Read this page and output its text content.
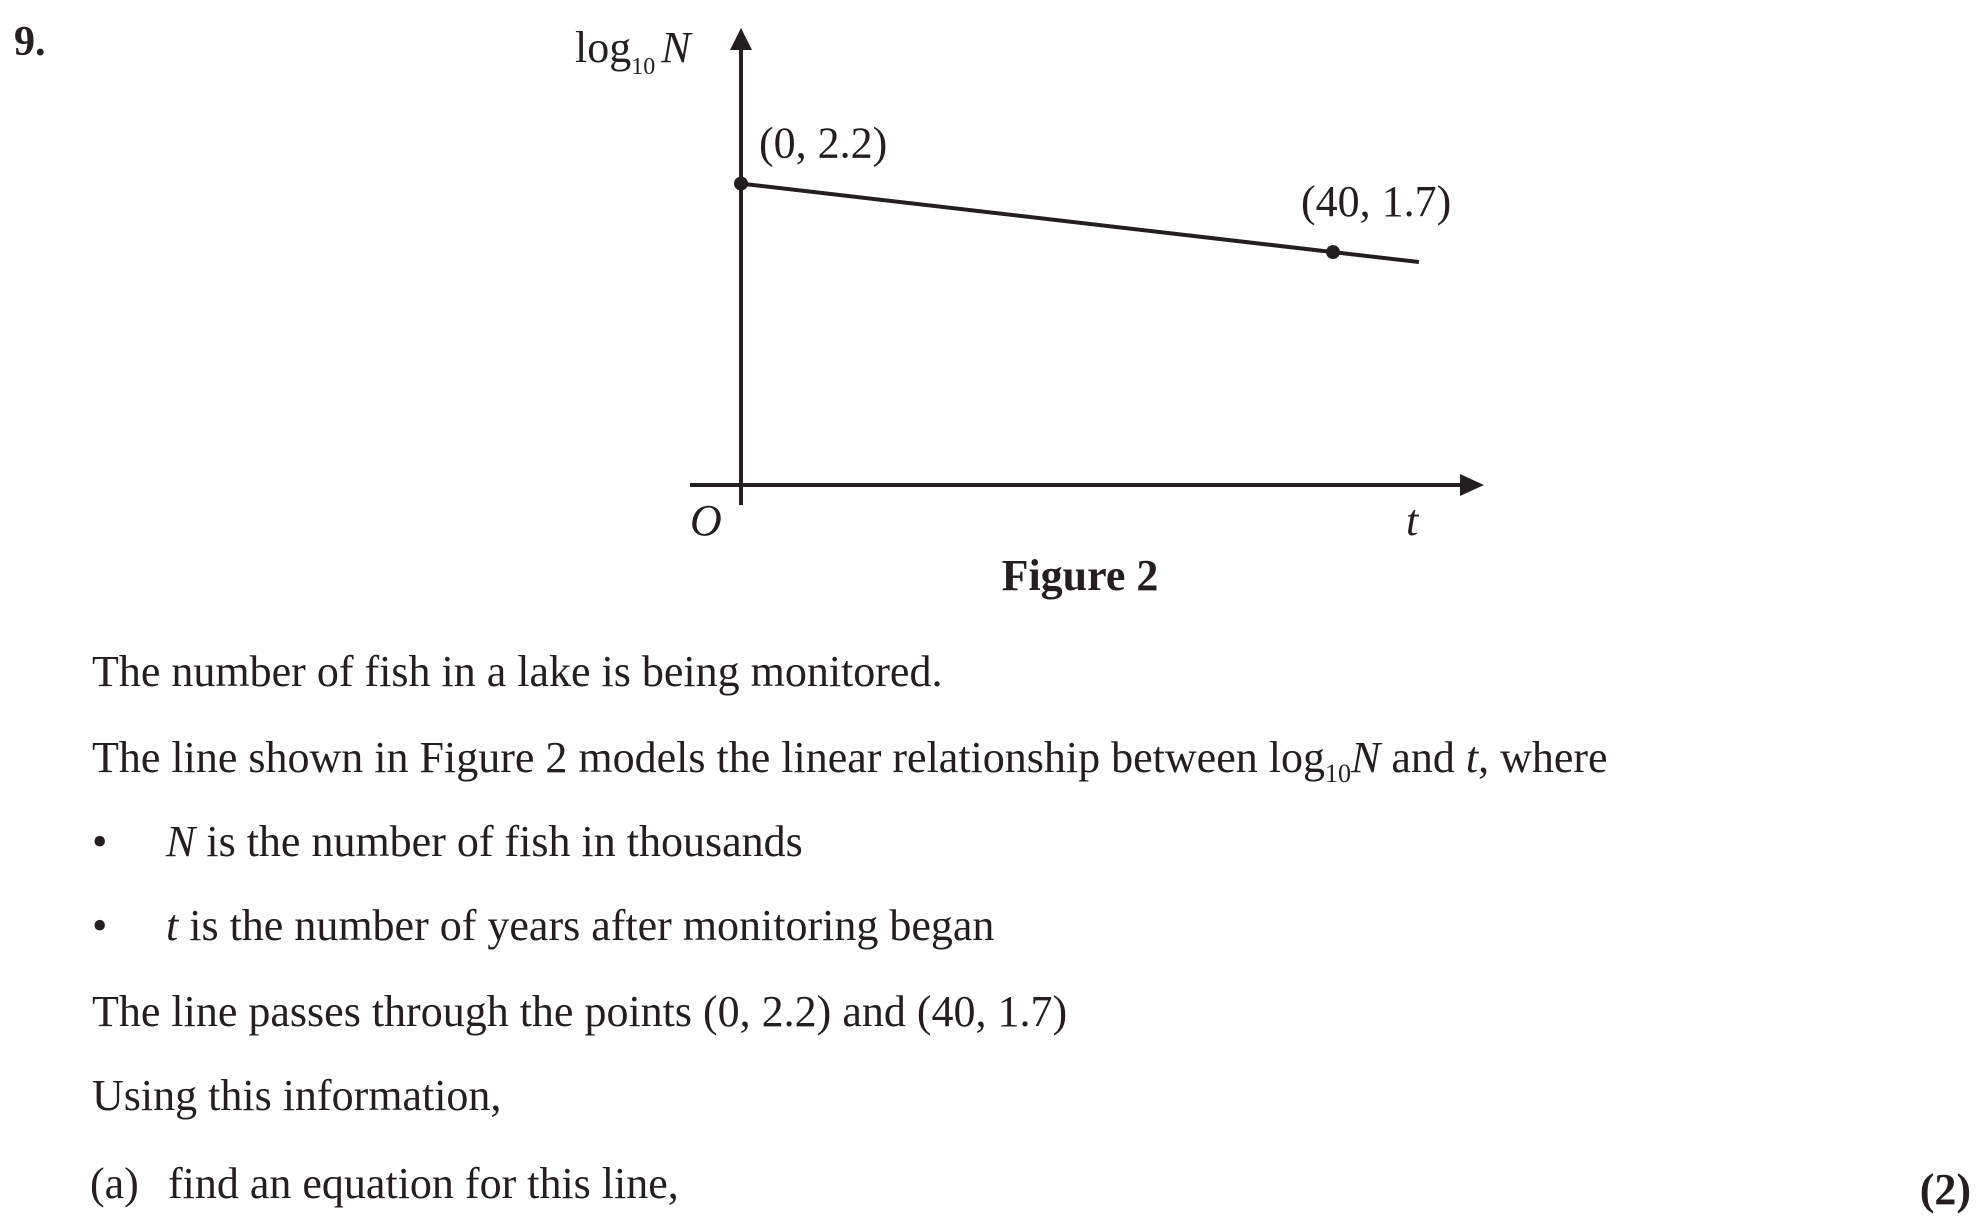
9.	$\log_{10} N$
O	t
(0, 2.2)
(40, 1.7)
Figure 2
The number of fish in a lake is being monitored.
The line shown in Figure 2 models the linear relationship between $\log_{10}N$ and t, where
• N is the number of fish in thousands
• t is the number of years after monitoring began
The line passes through the points (0, 2.2) and (40, 1.7)
Using this information,
(a) find an equation for this line,	(2)
